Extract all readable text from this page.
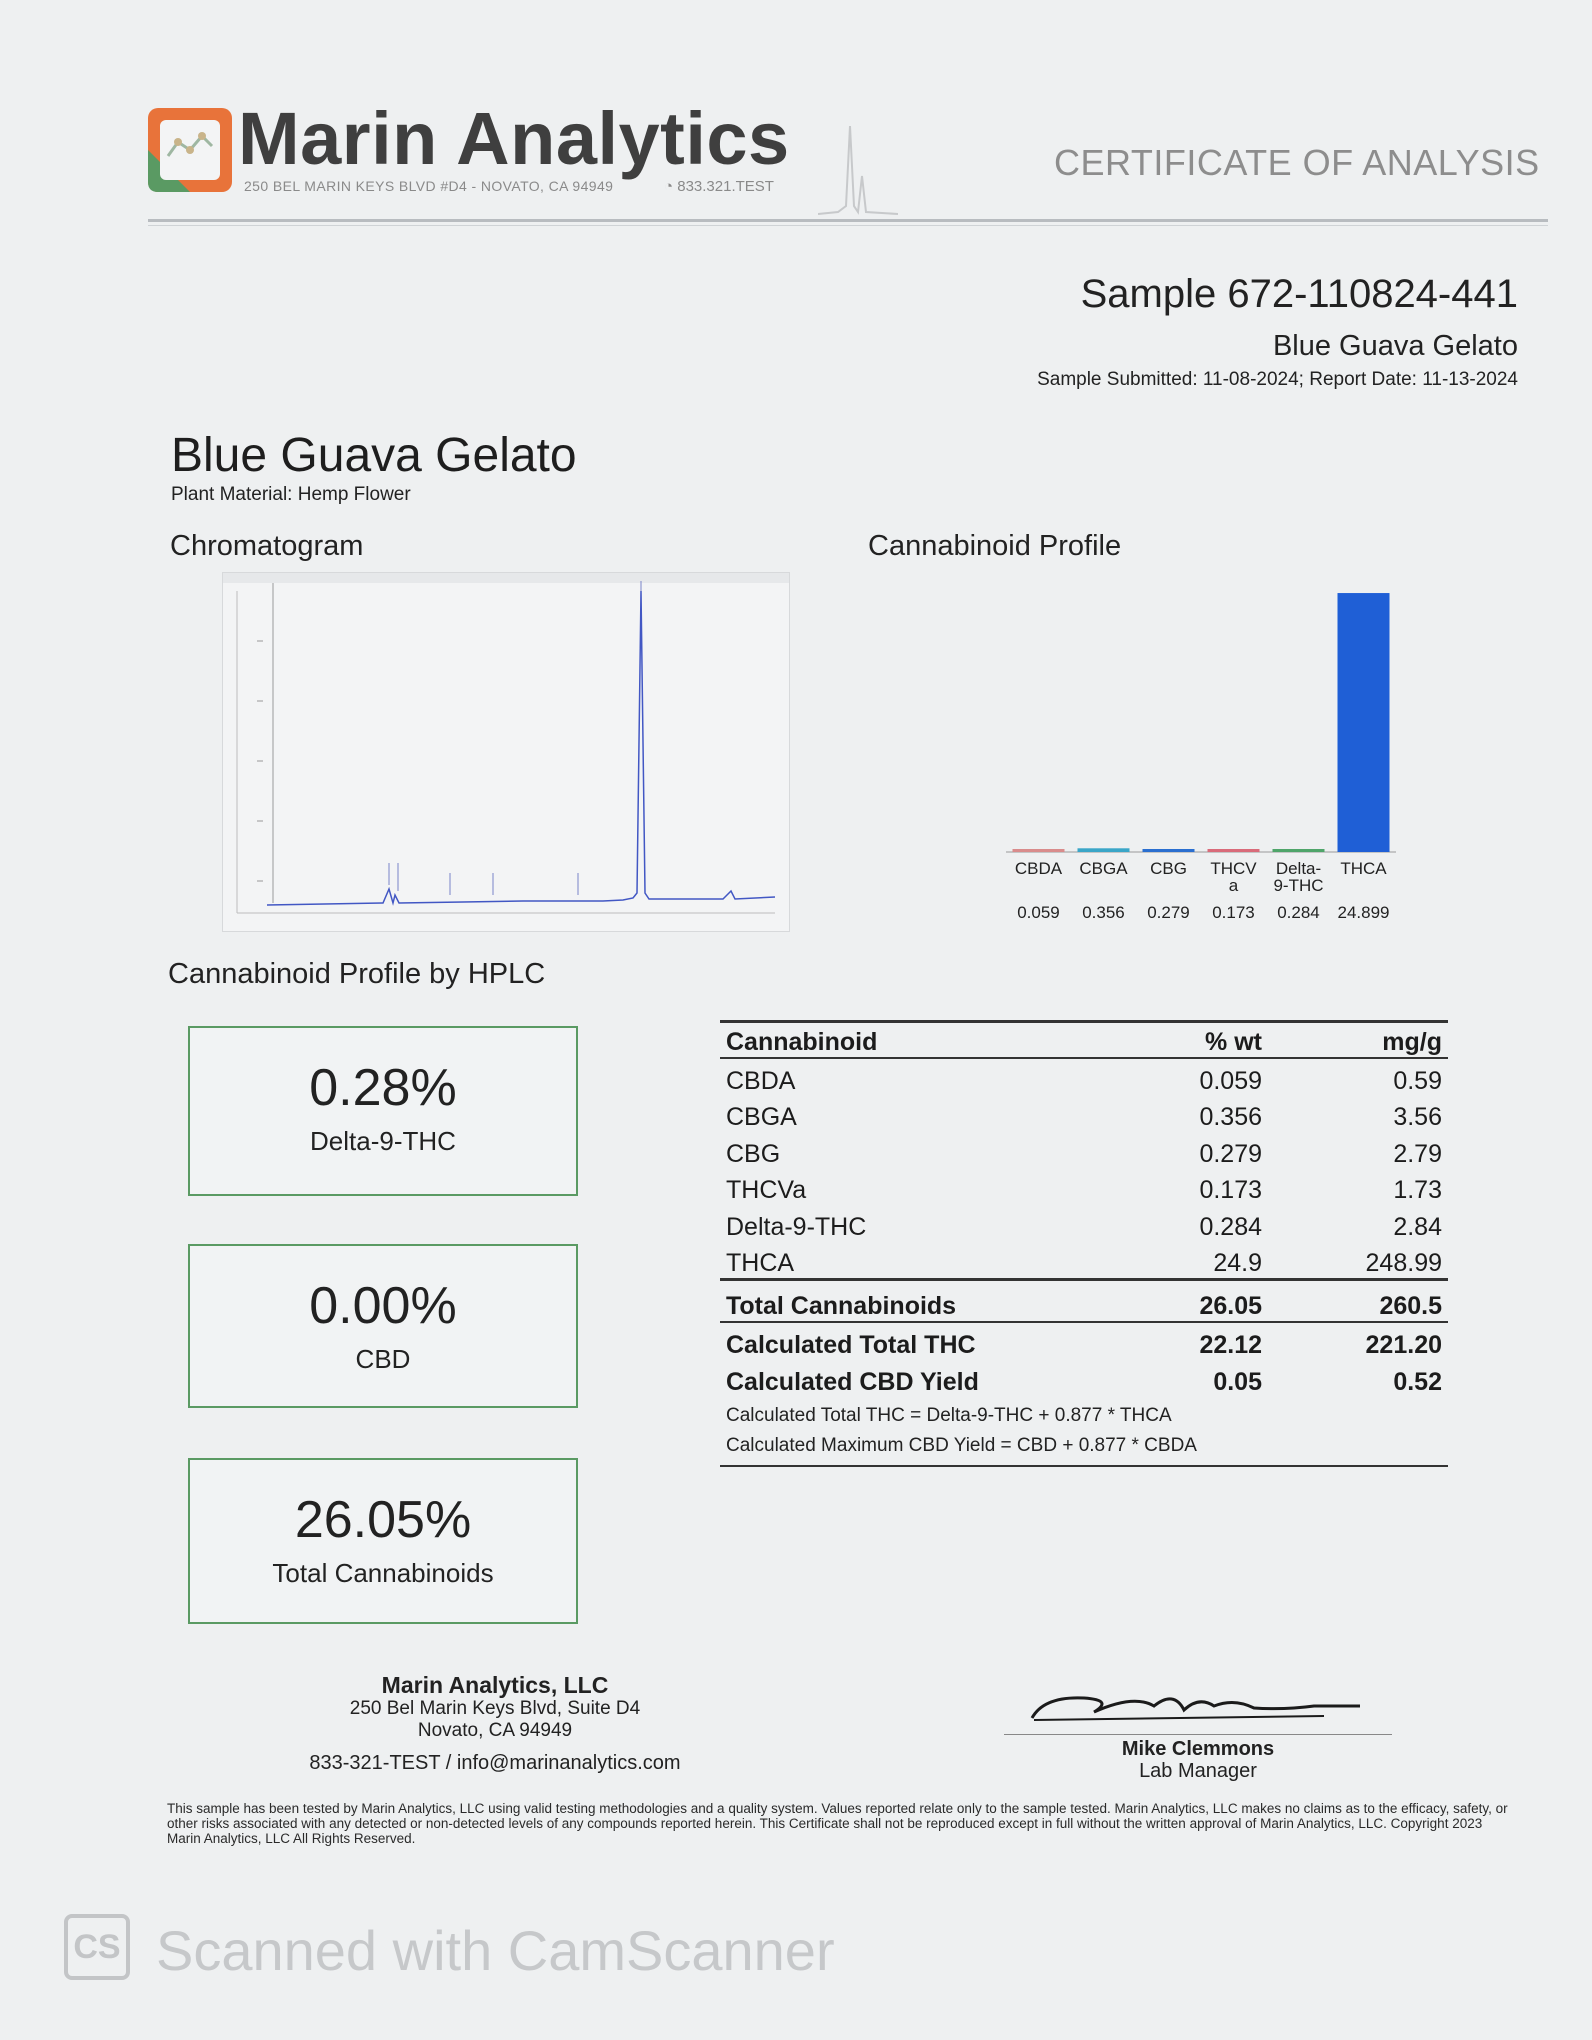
Marin Analytics
250 BEL MARIN KEYS BLVD #D4 - NOVATO, CA 94949	◔ 833.321.TEST
CERTIFICATE OF ANALYSIS
Sample 672-110824-441
Blue Guava Gelato
Sample Submitted: 11-08-2024; Report Date: 11-13-2024
Blue Guava Gelato
Plant Material: Hemp Flower
Chromatogram	Cannabinoid Profile
CBDA
0.059
CBGA
0.356
CBG
0.279
THCV
a
0.173
Delta-
9-THC
0.284
THCA
24.899
Cannabinoid Profile by HPLC
0.28%
Delta-9-THC
0.00%
CBD
26.05%
Total Cannabinoids
Cannabinoid	% wt	mg/g
CBDA	0.059	0.59
CBGA	0.356	3.56
CBG	0.279	2.79
THCVa	0.173	1.73
Delta-9-THC	0.284	2.84
THCA	24.9	248.99
Total Cannabinoids	26.05	260.5
Calculated Total THC	22.12	221.20
Calculated CBD Yield	0.05	0.52
Calculated Total THC = Delta-9-THC + 0.877 * THCA
Calculated Maximum CBD Yield = CBD + 0.877 * CBDA
Marin Analytics, LLC
250 Bel Marin Keys Blvd, Suite D4
Novato, CA 94949
833-321-TEST / info@marinanalytics.com
Mike Clemmons
Lab Manager
This sample has been tested by Marin Analytics, LLC using valid testing methodologies and a quality system. Values reported relate only to the sample tested. Marin Analytics, LLC makes no claims as to the efficacy, safety, or other risks associated with any detected or non-detected levels of any compounds reported herein. This Certificate shall not be reproduced except in full without the written approval of Marin Analytics, LLC. Copyright 2023 Marin Analytics, LLC All Rights Reserved.
CS Scanned with CamScanner
